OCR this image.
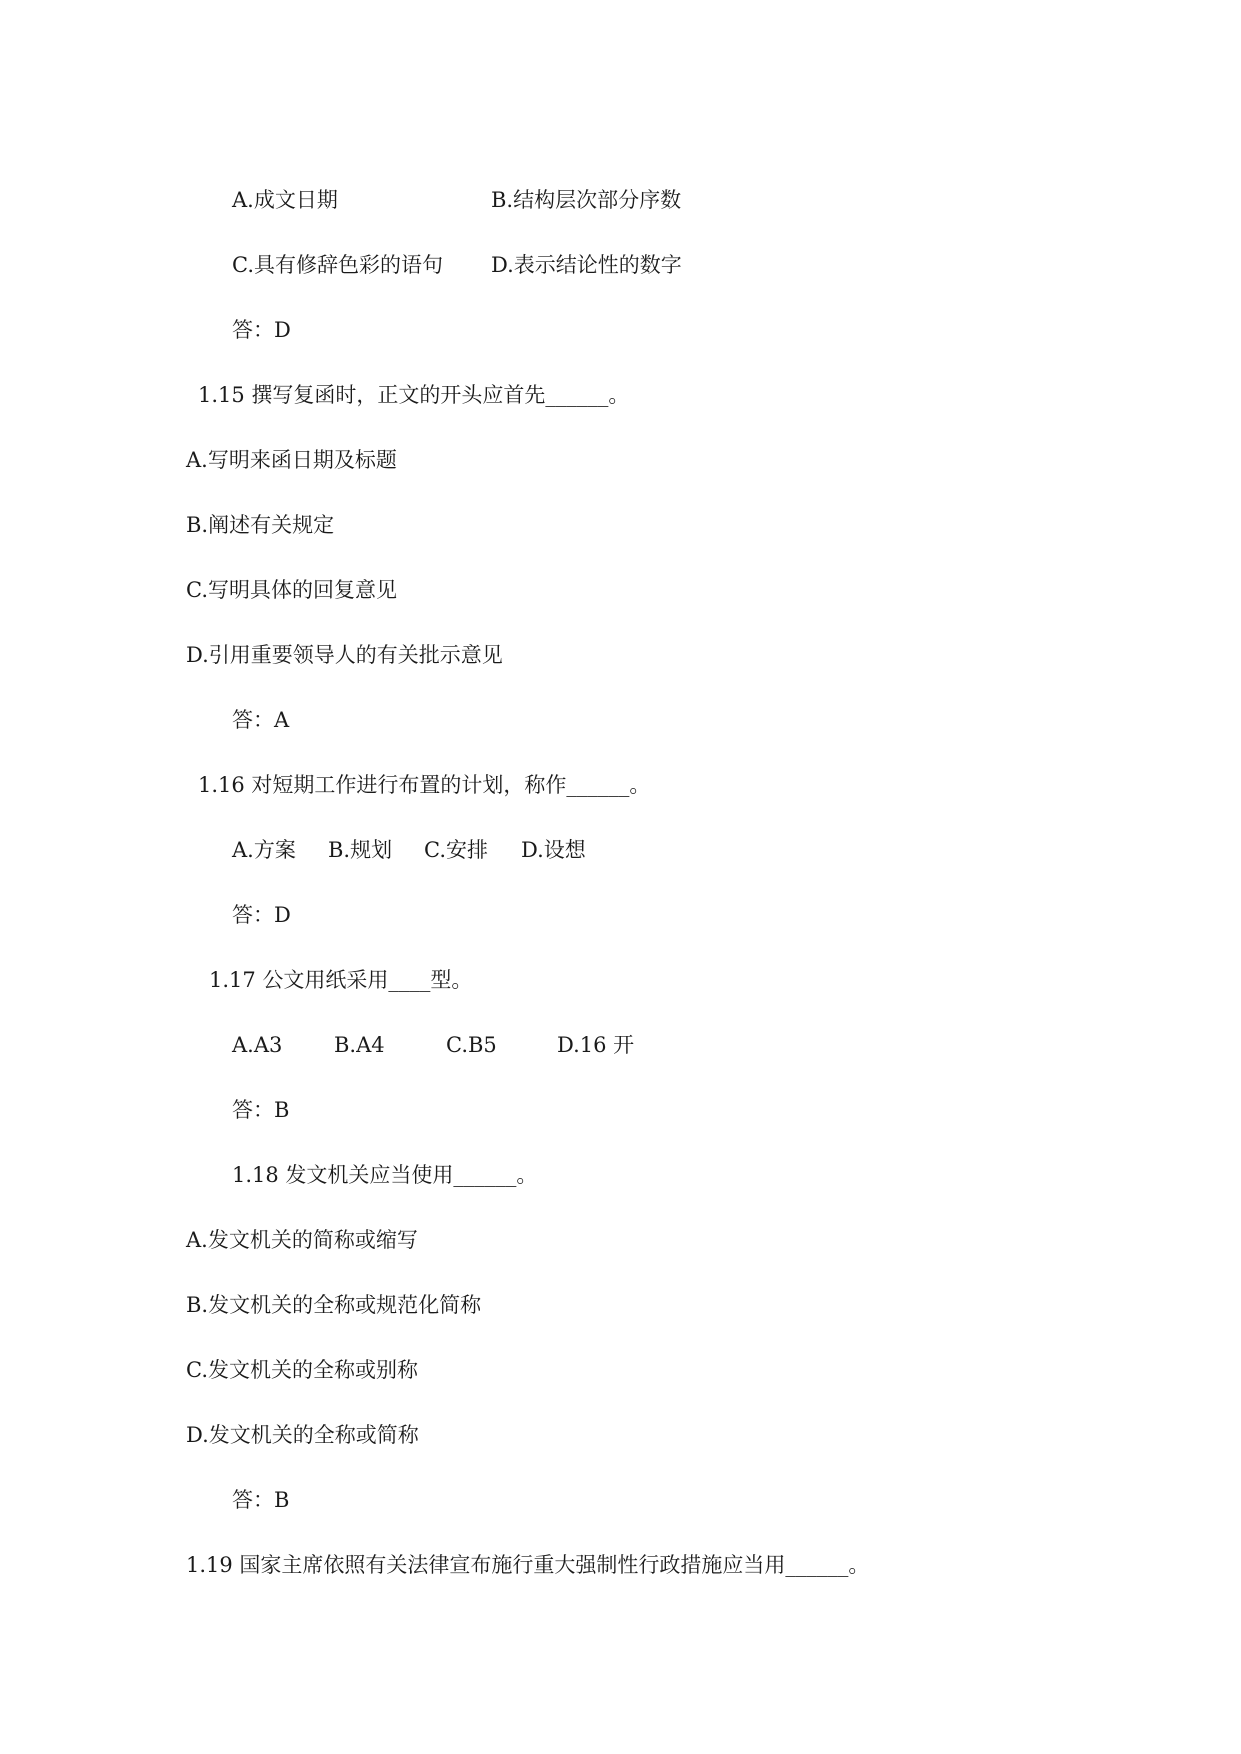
A.成文日期	B.结构层次部分序数
C.具有修辞色彩的语句 D.表示结论性的数字
答：D
1.15 撰写复函时，正文的开头应首先______。
A.写明来函日期及标题
B.阐述有关规定
C.写明具体的回复意见
D.引用重要领导人的有关批示意见
答：A
1.16 对短期工作进行布置的计划，称作______。
A.方案 B.规划 C.安排 D.设想
答：D
1.17 公文用纸采用____型。
A.A3 B.A4	C.B5	D.16 开
答：B
1.18 发文机关应当使用______。
A.发文机关的简称或缩写
B.发文机关的全称或规范化简称
C.发文机关的全称或别称
D.发文机关的全称或简称
答：B
1.19 国家主席依照有关法律宣布施行重大强制性行政措施应当用______。
